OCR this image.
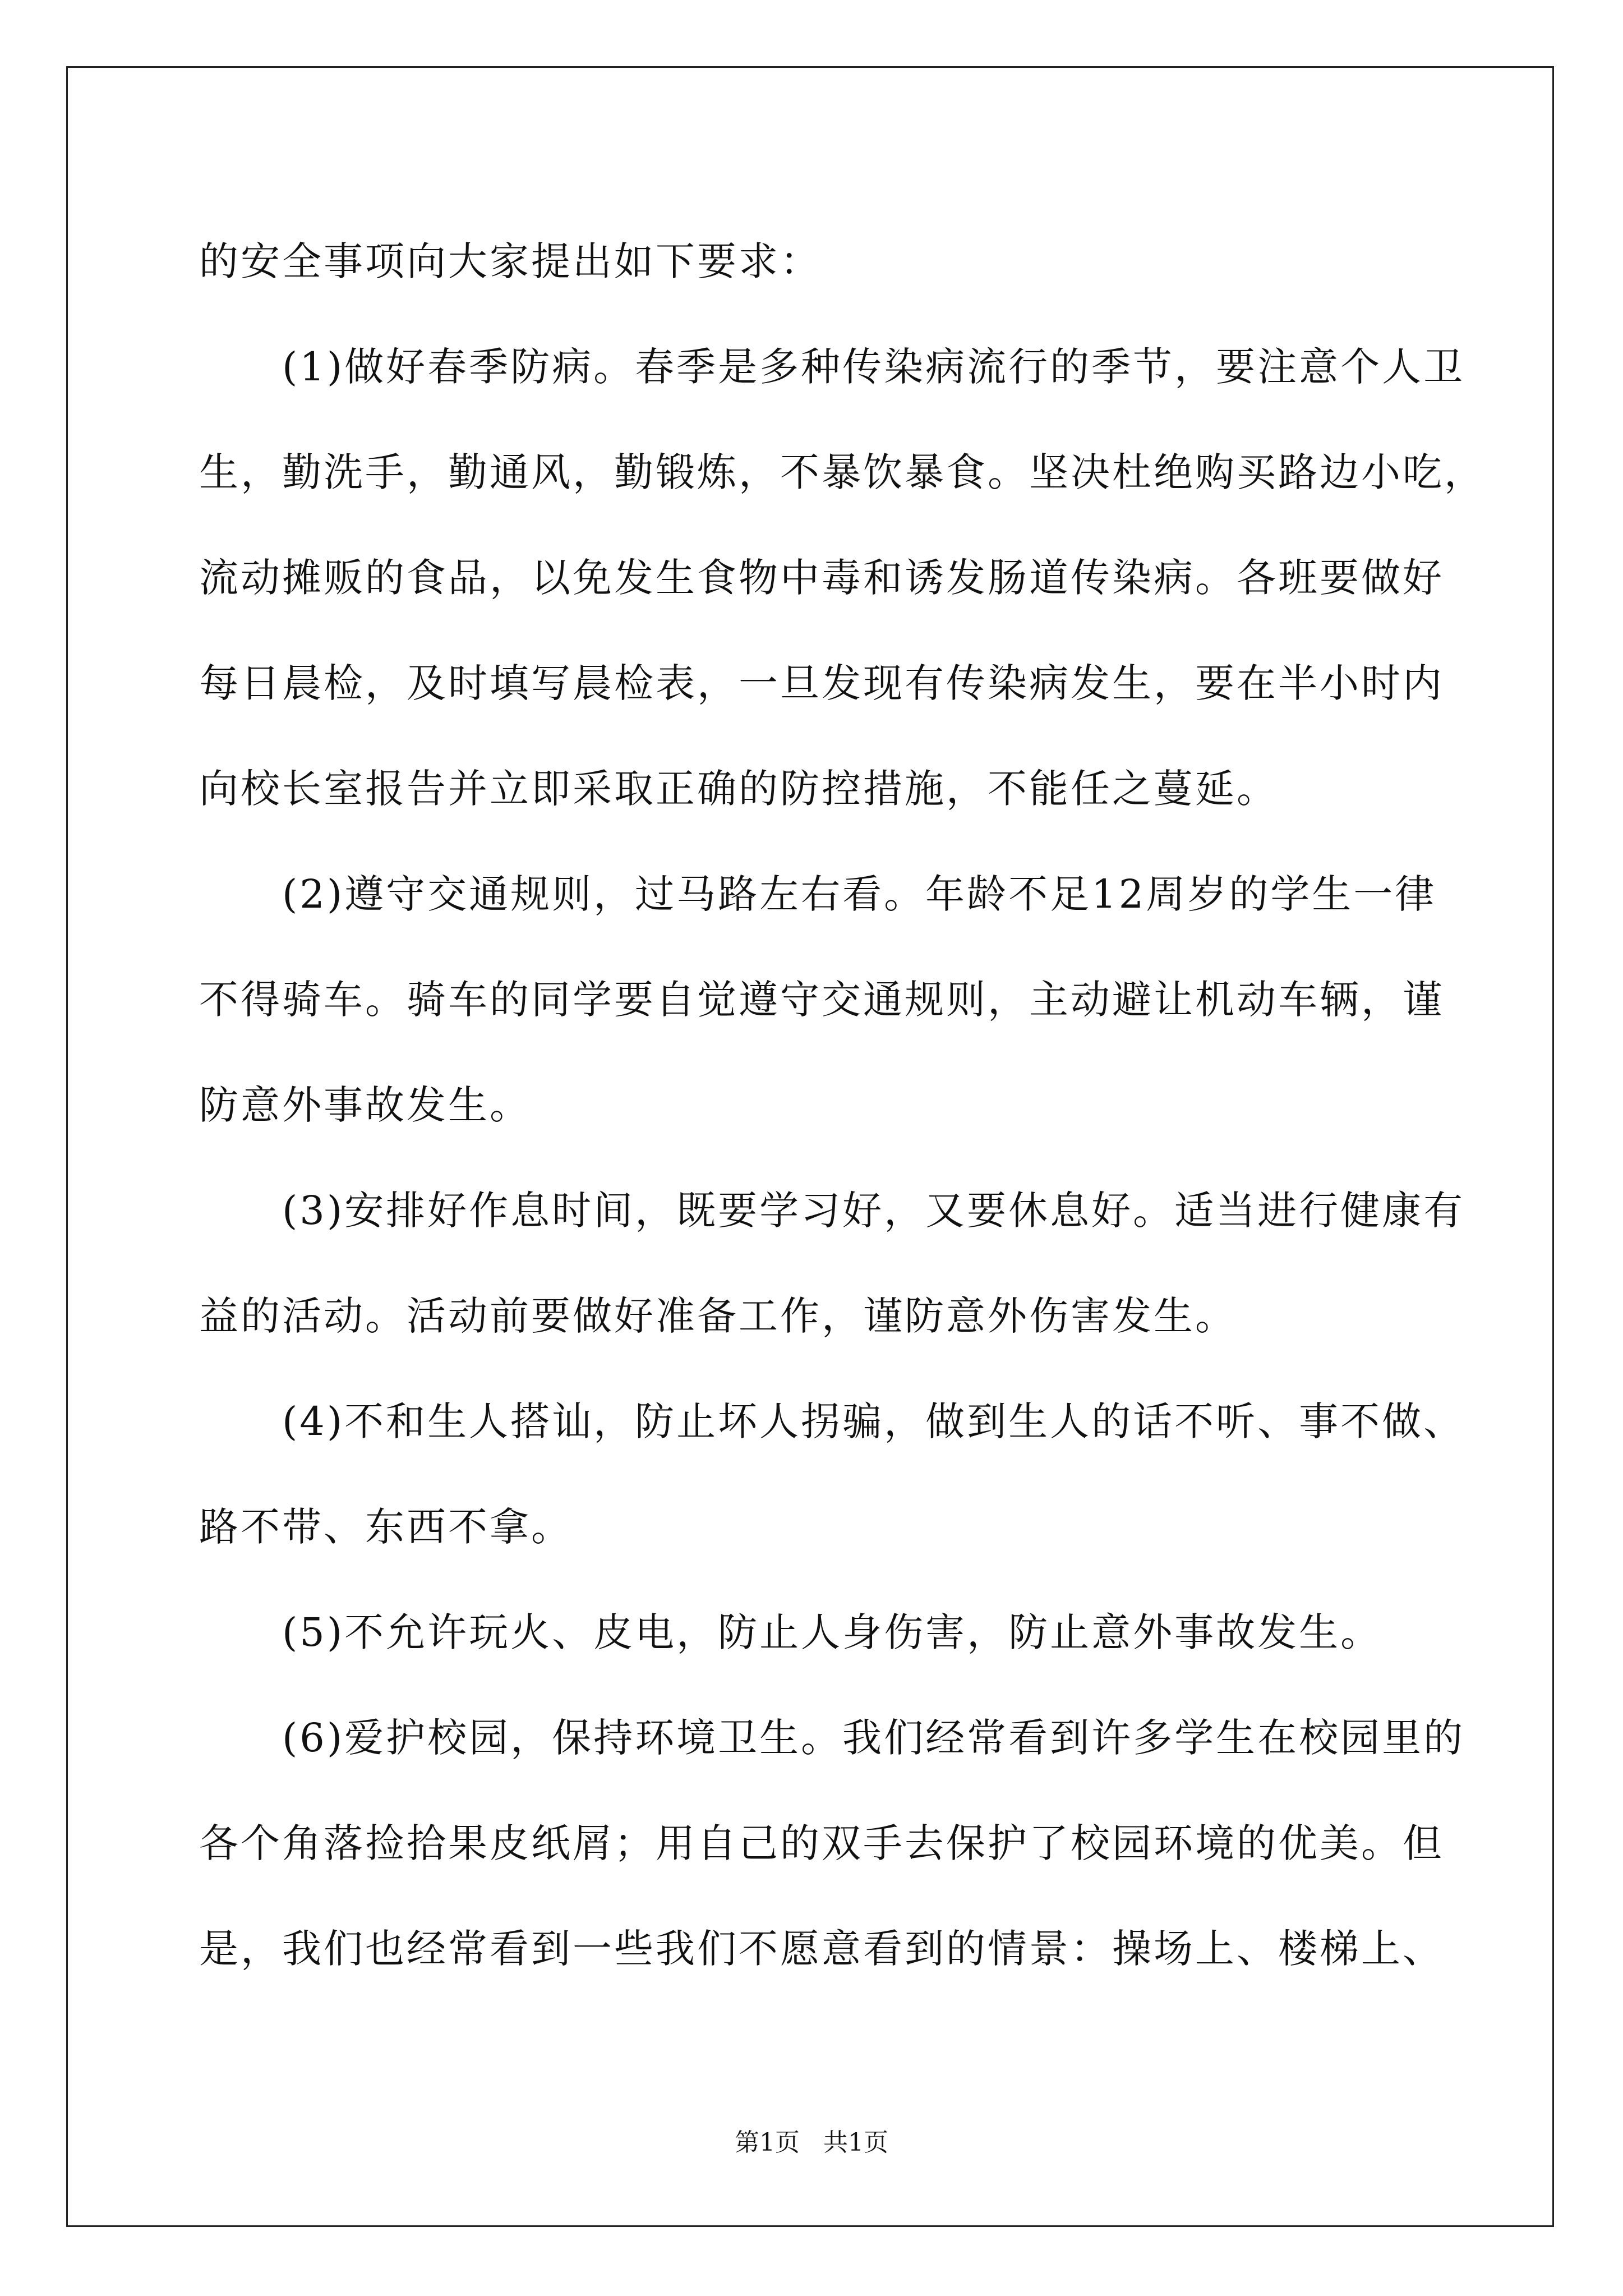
的安全事项向大家提出如下要求：
(1)做好春季防病。春季是多种传染病流行的季节，要注意个人卫
生，勤洗手，勤通风，勤锻炼，不暴饮暴食。坚决杜绝购买路边小吃，
流动摊贩的食品，以免发生食物中毒和诱发肠道传染病。各班要做好
每日晨检，及时填写晨检表，一旦发现有传染病发生，要在半小时内
向校长室报告并立即采取正确的防控措施，不能任之蔓延。
(2)遵守交通规则，过马路左右看。年龄不足12周岁的学生一律
不得骑车。骑车的同学要自觉遵守交通规则，主动避让机动车辆，谨
防意外事故发生。
(3)安排好作息时间，既要学习好，又要休息好。适当进行健康有
益的活动。活动前要做好准备工作，谨防意外伤害发生。
(4)不和生人搭讪，防止坏人拐骗，做到生人的话不听、事不做、
路不带、东西不拿。
(5)不允许玩火、皮电，防止人身伤害，防止意外事故发生。
(6)爱护校园，保持环境卫生。我们经常看到许多学生在校园里的
各个角落捡拾果皮纸屑；用自己的双手去保护了校园环境的优美。但
是，我们也经常看到一些我们不愿意看到的情景：操场上、楼梯上、
第1页   共1页
